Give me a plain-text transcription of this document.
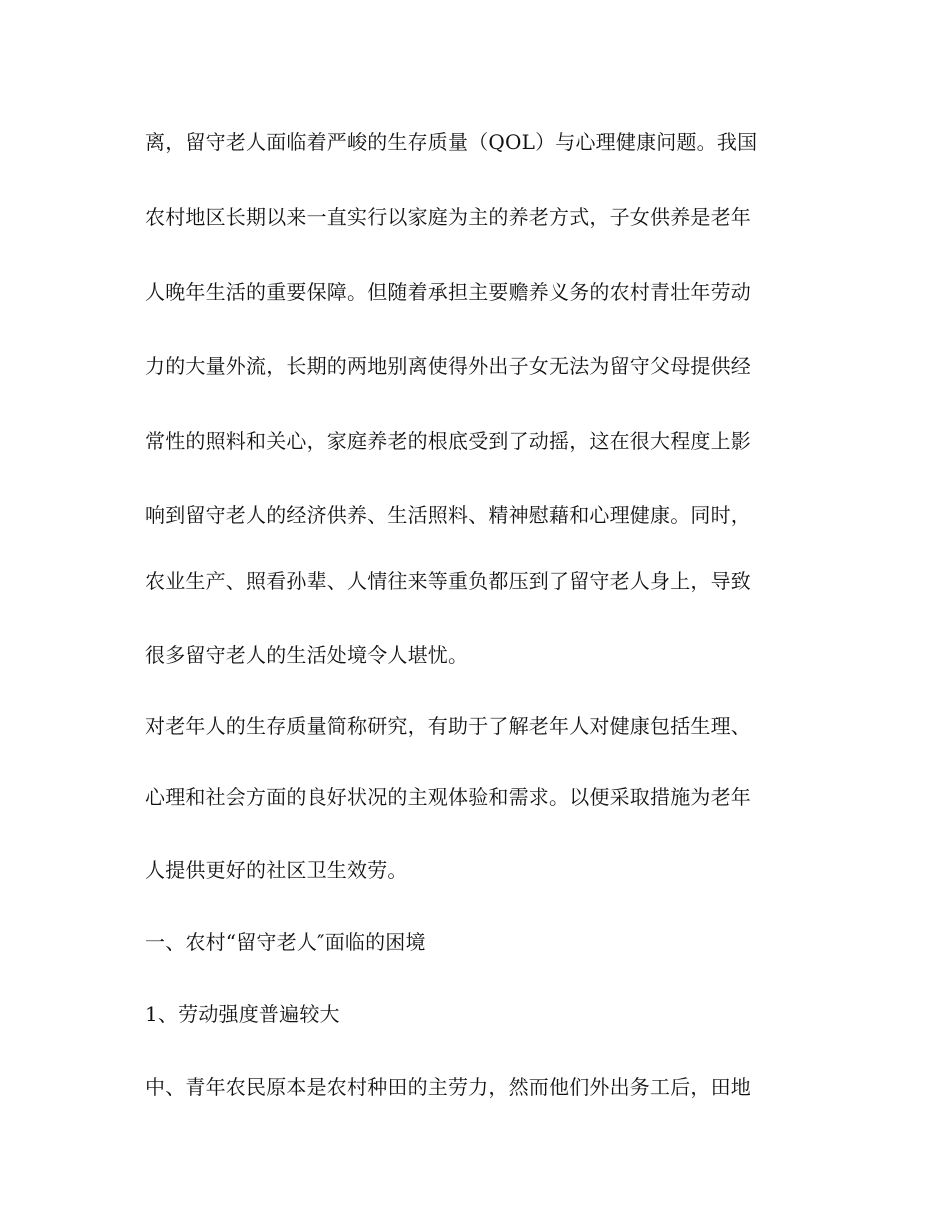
离，留守老人面临着严峻的生存质量（QOL）与心理健康问题。我国
农村地区长期以来一直实行以家庭为主的养老方式，子女供养是老年
人晚年生活的重要保障。但随着承担主要赡养义务的农村青壮年劳动
力的大量外流，长期的两地别离使得外出子女无法为留守父母提供经
常性的照料和关心，家庭养老的根底受到了动摇，这在很大程度上影
响到留守老人的经济供养、生活照料、精神慰藉和心理健康。同时，
农业生产、照看孙辈、人情往来等重负都压到了留守老人身上，导致
很多留守老人的生活处境令人堪忧。
对老年人的生存质量简称研究，有助于了解老年人对健康包括生理、
心理和社会方面的良好状况的主观体验和需求。以便采取措施为老年
人提供更好的社区卫生效劳。
一、农村“留守老人″面临的困境
1、劳动强度普遍较大
中、青年农民原本是农村种田的主劳力，然而他们外出务工后，田地
